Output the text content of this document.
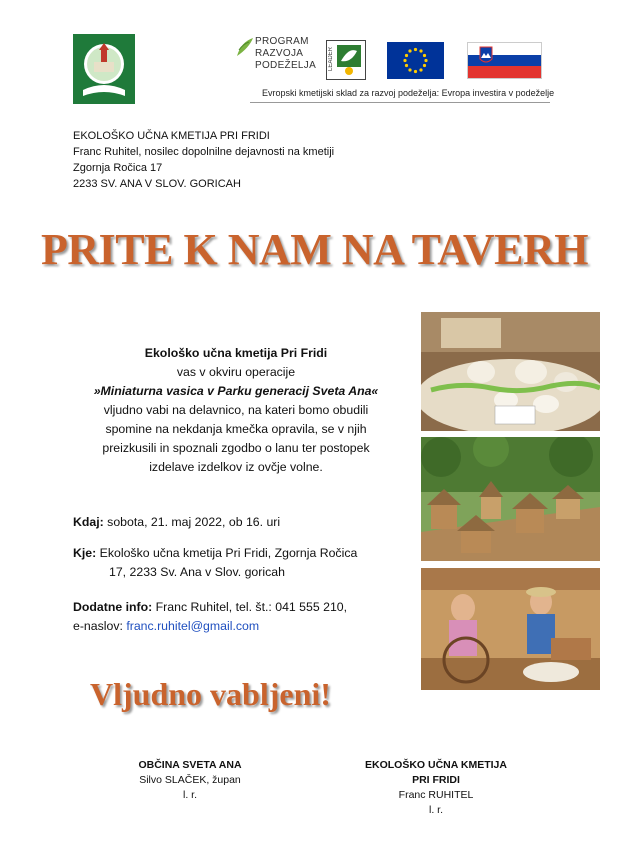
PROGRAM
RAZVOJA
PODEŽELJA LEADER
Evropski kmetijski sklad za razvoj podeželja: Evropa investira v podeželje
EKOLOŠKO UČNA KMETIJA PRI FRIDI
Franc Ruhitel, nosilec dopolnilne dejavnosti na kmetiji
Zgornja Ročica 17
2233 SV. ANA V SLOV. GORICAH
PRITE K NAM NA TAVERH
Ekološko učna kmetija Pri Fridi
vas v okviru operacije
»Miniaturna vasica v Parku generacij Sveta Ana«
vljudno vabi na delavnico, na kateri bomo obudili
spomine na nekdanja kmečka opravila, se v njih
preizkusili in spoznali zgodbo o lanu ter postopek
izdelave izdelkov iz ovčje volne.
Kdaj: sobota, 21. maj 2022, ob 16. uri
Kje: Ekološko učna kmetija Pri Fridi, Zgornja Ročica
17, 2233 Sv. Ana v Slov. goricah
Dodatne info: Franc Ruhitel, tel. št.: 041 555 210,
e-naslov: franc.ruhitel@gmail.com
Vljudno vabljeni!
OBČINA SVETA ANA
Silvo SLAČEK, župan
l. r.
EKOLOŠKO UČNA KMETIJA
PRI FRIDI
Franc RUHITEL
l. r.
